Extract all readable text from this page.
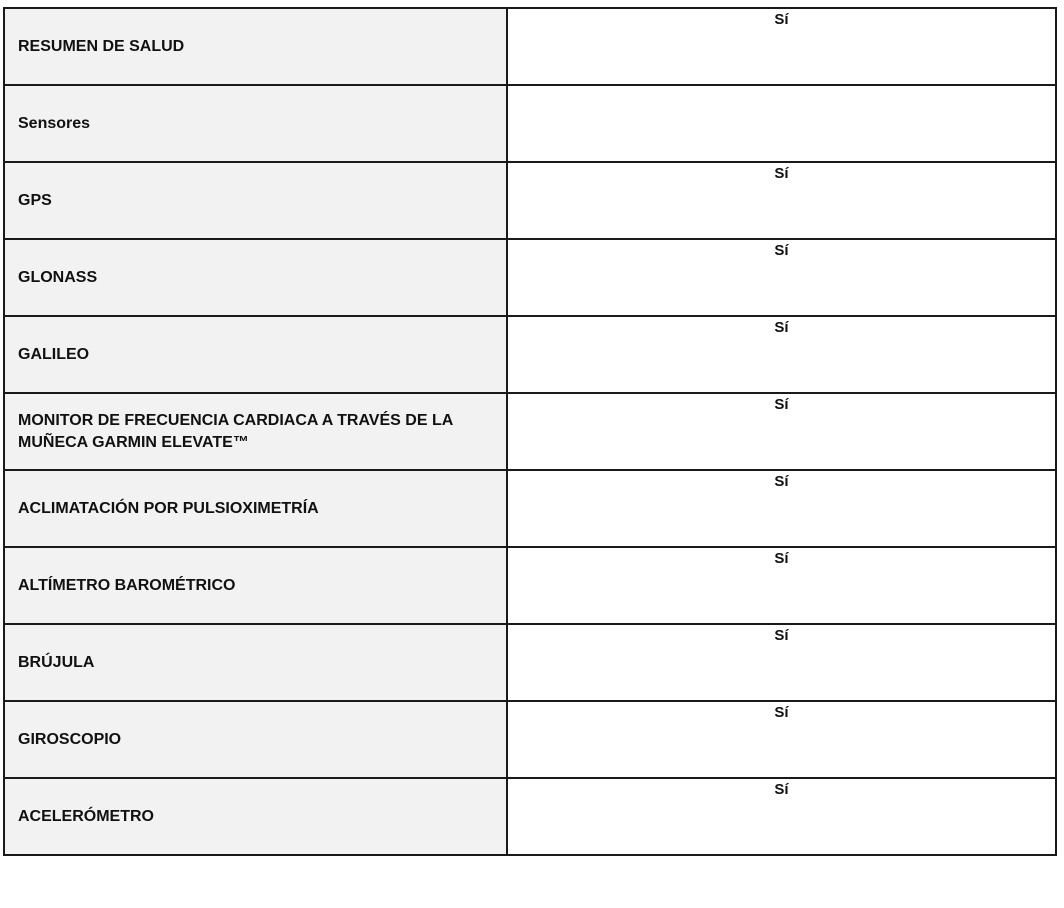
RESUMEN DE SALUD	Sí

Sensores	

GPS	Sí

GLONASS	Sí

GALILEO	Sí

MONITOR DE FRECUENCIA CARDIACA A TRAVÉS DE LA MUÑECA GARMIN ELEVATE™	Sí

ACLIMATACIÓN POR PULSIOXIMETRÍA	Sí

ALTÍMETRO BAROMÉTRICO	Sí

BRÚJULA	Sí

GIROSCOPIO	Sí

ACELERÓMETRO	Sí
